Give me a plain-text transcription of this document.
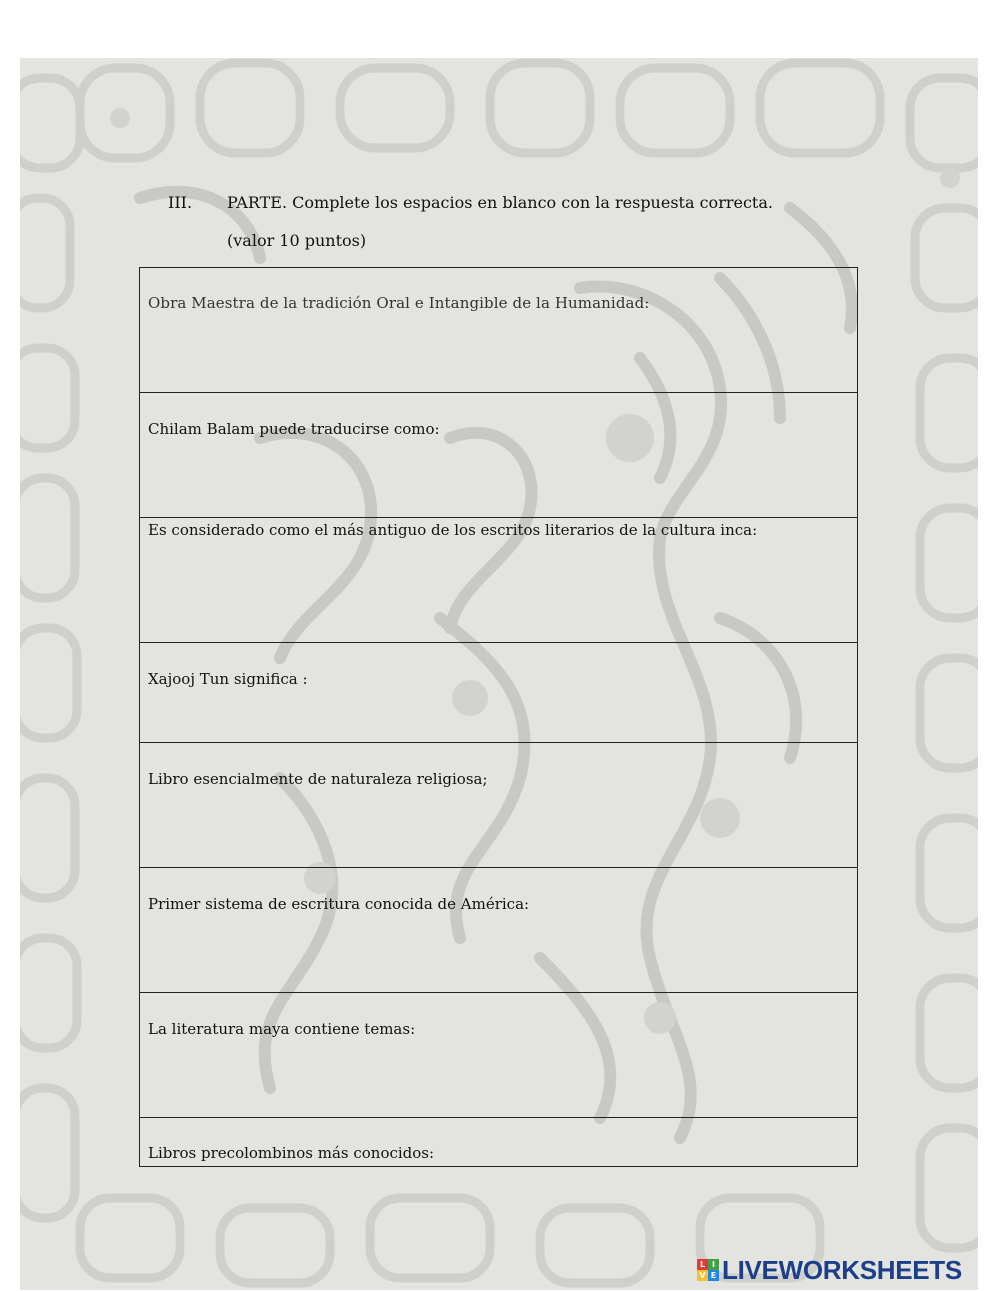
III. PARTE. Complete los espacios en blanco con la respuesta correcta.
(valor 10 puntos)
Obra Maestra de la tradición Oral e Intangible de la Humanidad:
Chilam Balam puede traducirse como:
Es considerado como el más antiguo de los escritos literarios de la cultura inca:
Xajooj Tun significa :
Libro esencialmente de naturaleza religiosa;
Primer sistema de escritura conocida de América:
La literatura maya contiene temas:
Libros precolombinos más conocidos:
L I
V E LIVEWORKSHEETS
